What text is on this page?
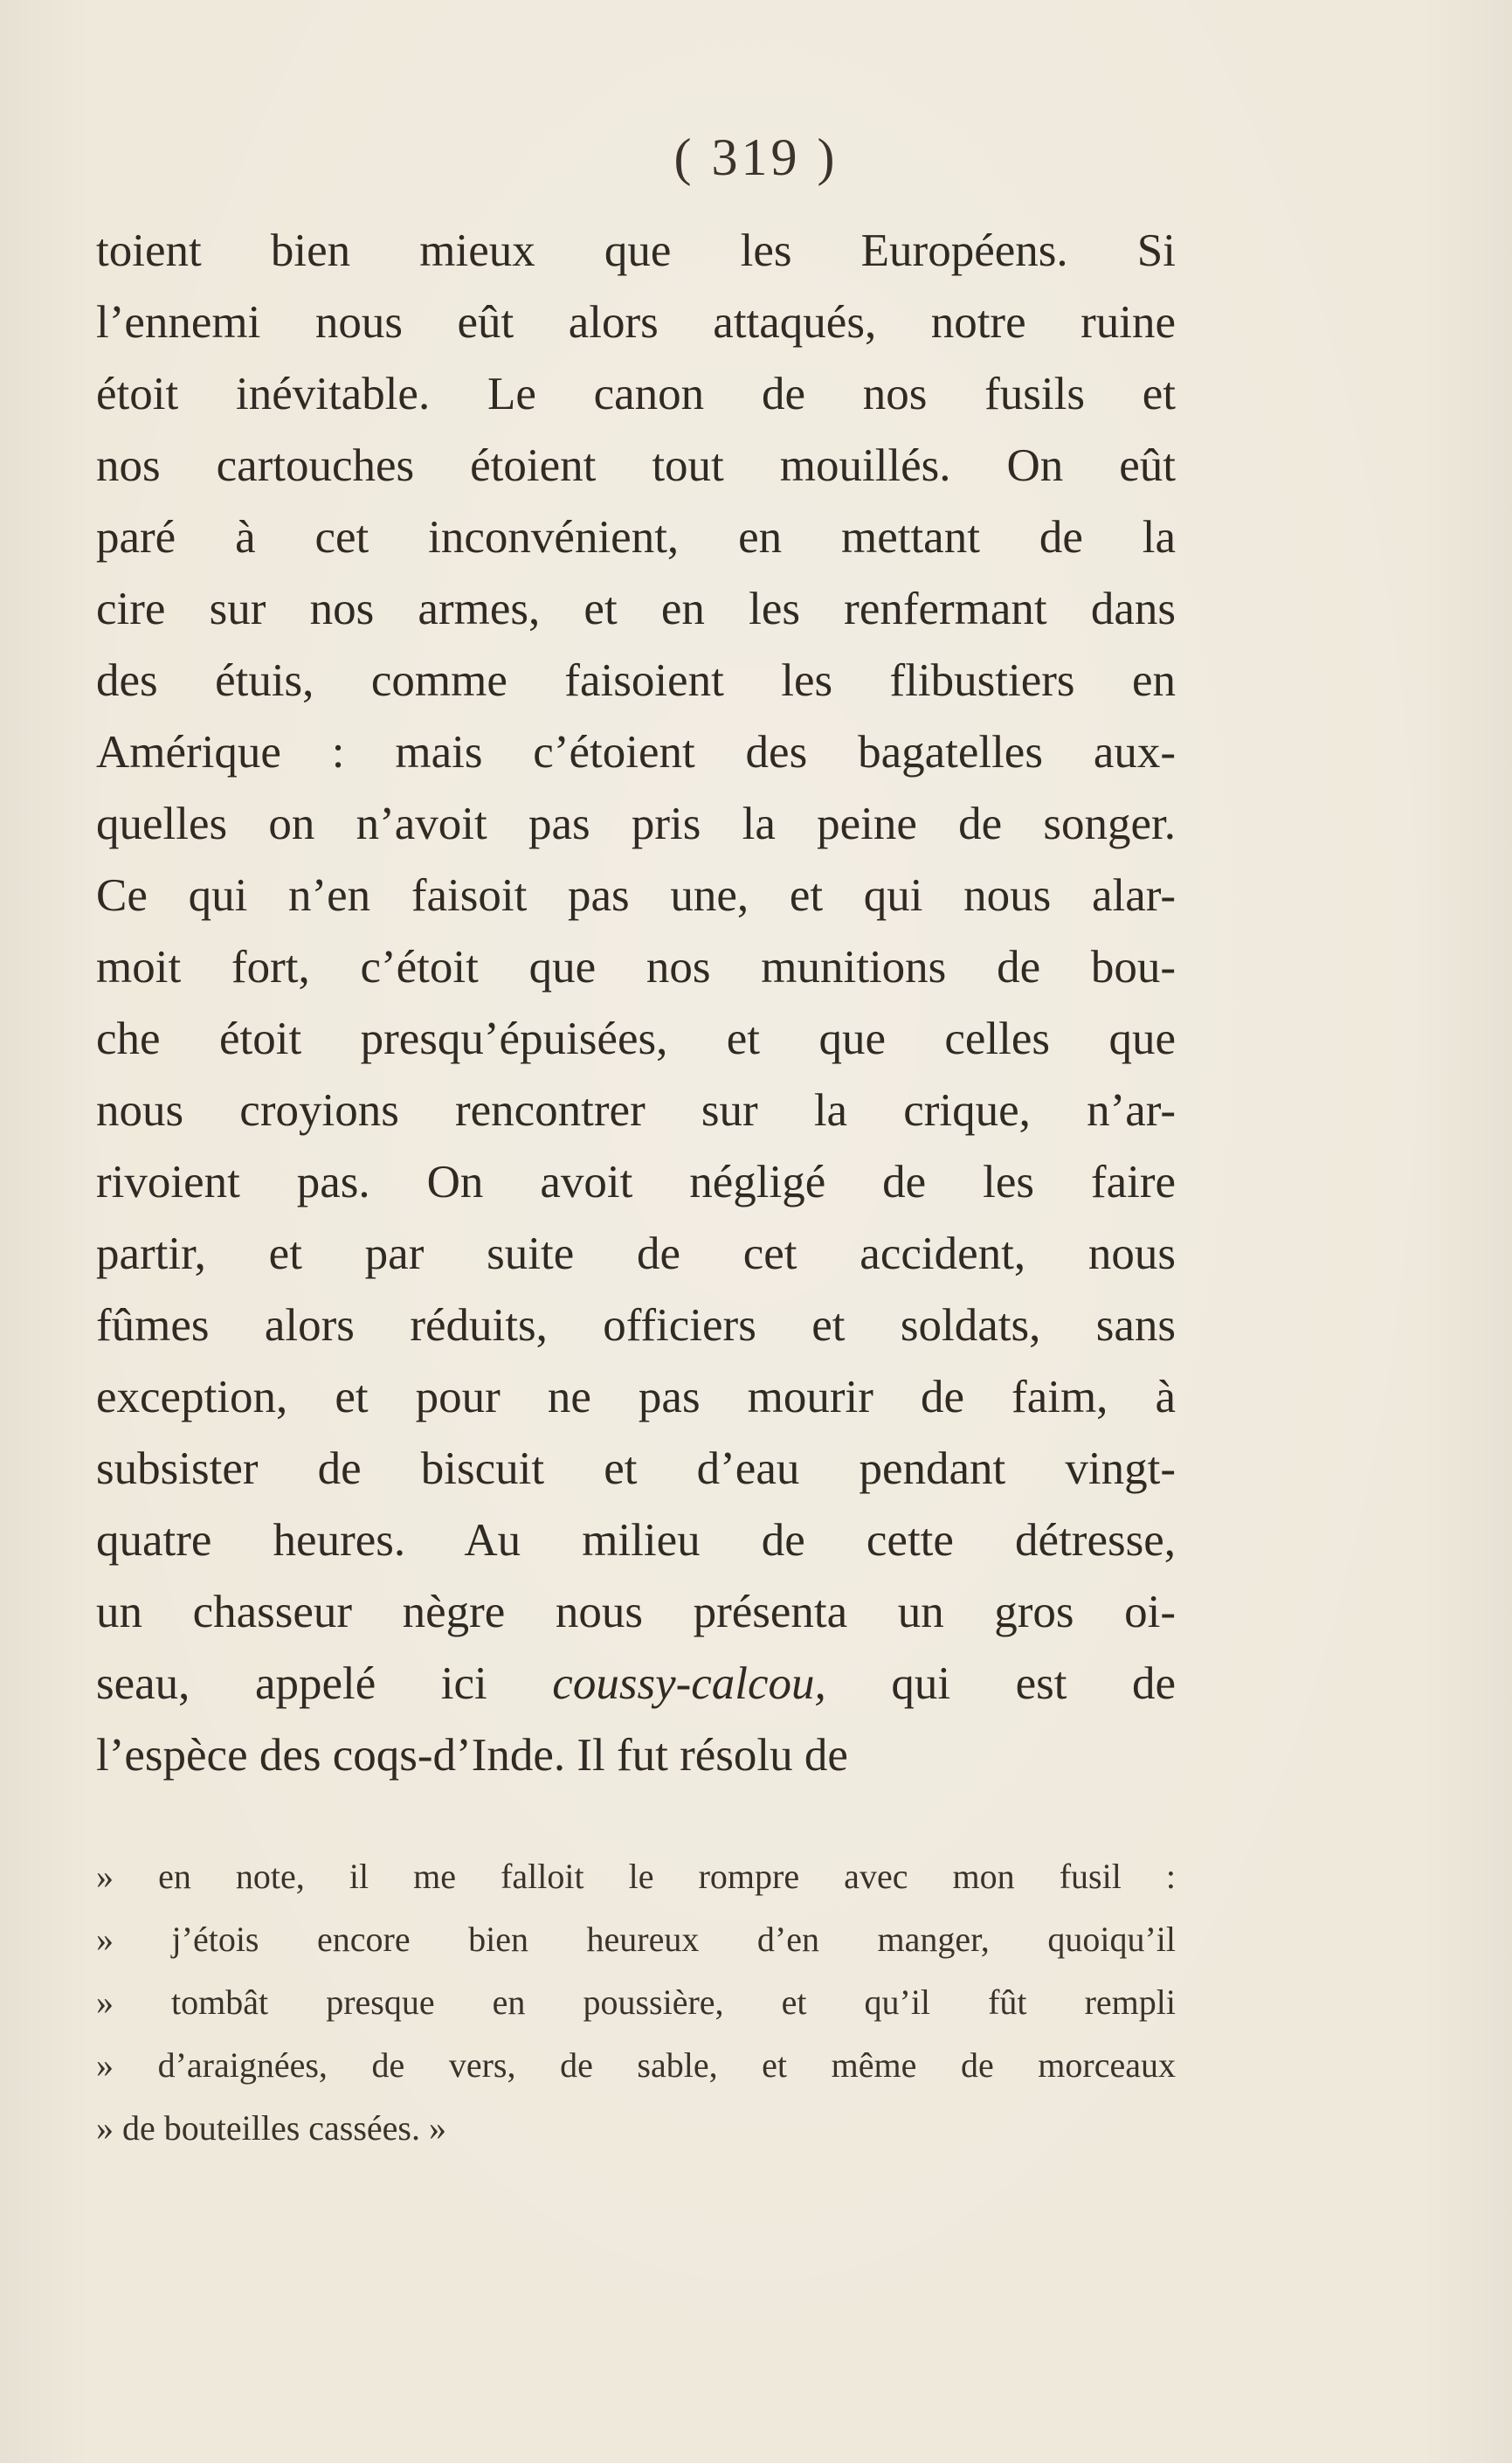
( 319 )
toient bien mieux que les Européens. Si
l’ennemi nous eût alors attaqués, notre ruine
étoit inévitable. Le canon de nos fusils et
nos cartouches étoient tout mouillés. On eût
paré à cet inconvénient, en mettant de la
cire sur nos armes, et en les renfermant dans
des étuis, comme faisoient les flibustiers en
Amérique : mais c’étoient des bagatelles aux-
quelles on n’avoit pas pris la peine de songer.
Ce qui n’en faisoit pas une, et qui nous alar-
moit fort, c’étoit que nos munitions de bou-
che étoit presqu’épuisées, et que celles que
nous croyions rencontrer sur la crique, n’ar-
rivoient pas. On avoit négligé de les faire
partir, et par suite de cet accident, nous
fûmes alors réduits, officiers et soldats, sans
exception, et pour ne pas mourir de faim, à
subsister de biscuit et d’eau pendant vingt-
quatre heures. Au milieu de cette détresse,
un chasseur nègre nous présenta un gros oi-
seau, appelé ici coussy-calcou, qui est de
l’espèce des coqs-d’Inde. Il fut résolu de
» en note, il me falloit le rompre avec mon fusil :
» j’étois encore bien heureux d’en manger, quoiqu’il
» tombât presque en poussière, et qu’il fût rempli
» d’araignées, de vers, de sable, et même de morceaux
» de bouteilles cassées. »
